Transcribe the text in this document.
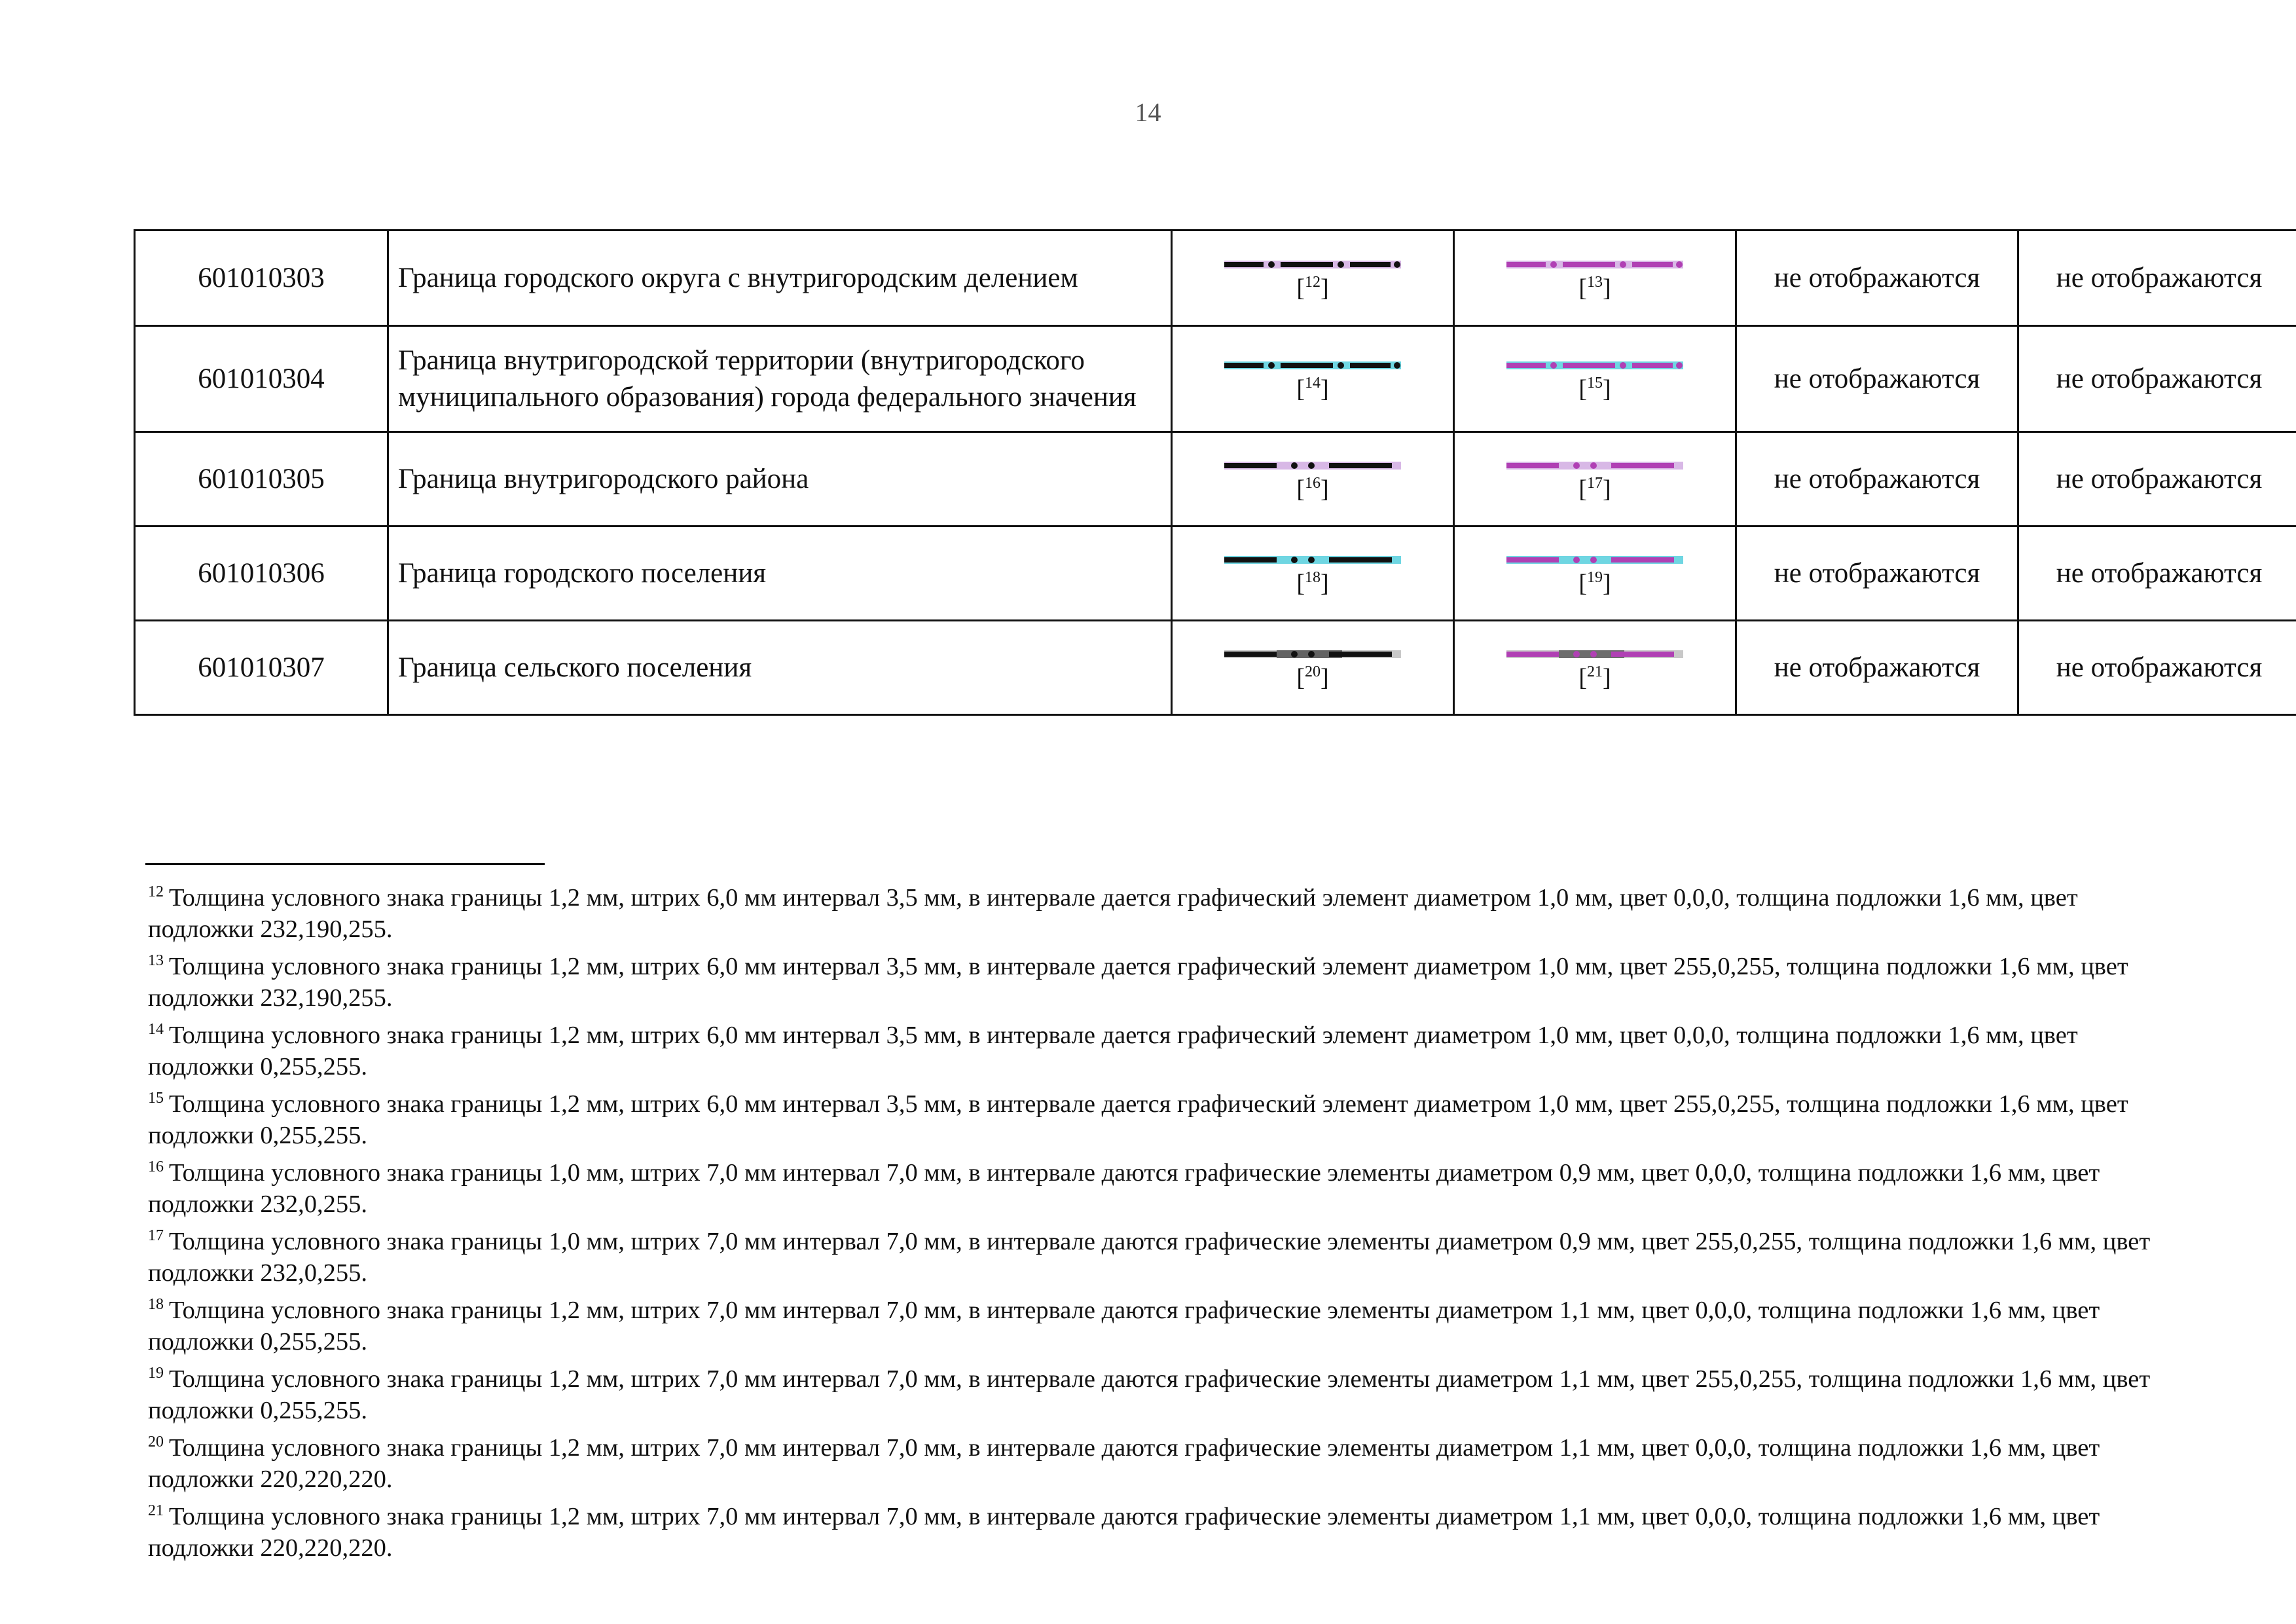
14
601010303	Граница городского округа с внутригородским делением	[$^{12}$]	[$^{13}$]	не отображаются	не отображаются
601010304	Граница внутригородской территории (внутригородского муниципального образования) города федерального значения	[$^{14}$]	[$^{15}$]	не отображаются	не отображаются
601010305	Граница внутригородского района	[$^{16}$]	[$^{17}$]	не отображаются	не отображаются
601010306	Граница городского поселения	[$^{18}$]	[$^{19}$]	не отображаются	не отображаются
601010307	Граница сельского поселения	[$^{20}$]	[$^{21}$]	не отображаются	не отображаются

$^{12}$ Толщина условного знака границы 1,2 мм, штрих 6,0 мм интервал 3,5 мм, в интервале дается графический элемент диаметром 1,0 мм, цвет 0,0,0, толщина подложки 1,6 мм, цвет подложки 232,190,255.

$^{13}$ Толщина условного знака границы 1,2 мм, штрих 6,0 мм интервал 3,5 мм, в интервале дается графический элемент диаметром 1,0 мм, цвет 255,0,255, толщина подложки 1,6 мм, цвет подложки 232,190,255.

$^{14}$ Толщина условного знака границы 1,2 мм, штрих 6,0 мм интервал 3,5 мм, в интервале дается графический элемент диаметром 1,0 мм, цвет 0,0,0, толщина подложки 1,6 мм, цвет подложки 0,255,255.

$^{15}$ Толщина условного знака границы 1,2 мм, штрих 6,0 мм интервал 3,5 мм, в интервале дается графический элемент диаметром 1,0 мм, цвет 255,0,255, толщина подложки 1,6 мм, цвет подложки 0,255,255.

$^{16}$ Толщина условного знака границы 1,0 мм, штрих 7,0 мм интервал 7,0 мм, в интервале даются графические элементы диаметром 0,9 мм, цвет 0,0,0, толщина подложки 1,6 мм, цвет подложки 232,0,255.

$^{17}$ Толщина условного знака границы 1,0 мм, штрих 7,0 мм интервал 7,0 мм, в интервале даются графические элементы диаметром 0,9 мм, цвет 255,0,255, толщина подложки 1,6 мм, цвет подложки 232,0,255.

$^{18}$ Толщина условного знака границы 1,2 мм, штрих 7,0 мм интервал 7,0 мм, в интервале даются графические элементы диаметром 1,1 мм, цвет 0,0,0, толщина подложки 1,6 мм, цвет подложки 0,255,255.

$^{19}$ Толщина условного знака границы 1,2 мм, штрих 7,0 мм интервал 7,0 мм, в интервале даются графические элементы диаметром 1,1 мм, цвет 255,0,255, толщина подложки 1,6 мм, цвет подложки 0,255,255.

$^{20}$ Толщина условного знака границы 1,2 мм, штрих 7,0 мм интервал 7,0 мм, в интервале даются графические элементы диаметром 1,1 мм, цвет 0,0,0, толщина подложки 1,6 мм, цвет подложки 220,220,220.

$^{21}$ Толщина условного знака границы 1,2 мм, штрих 7,0 мм интервал 7,0 мм, в интервале даются графические элементы диаметром 1,1 мм, цвет 0,0,0, толщина подложки 1,6 мм, цвет подложки 220,220,220.
